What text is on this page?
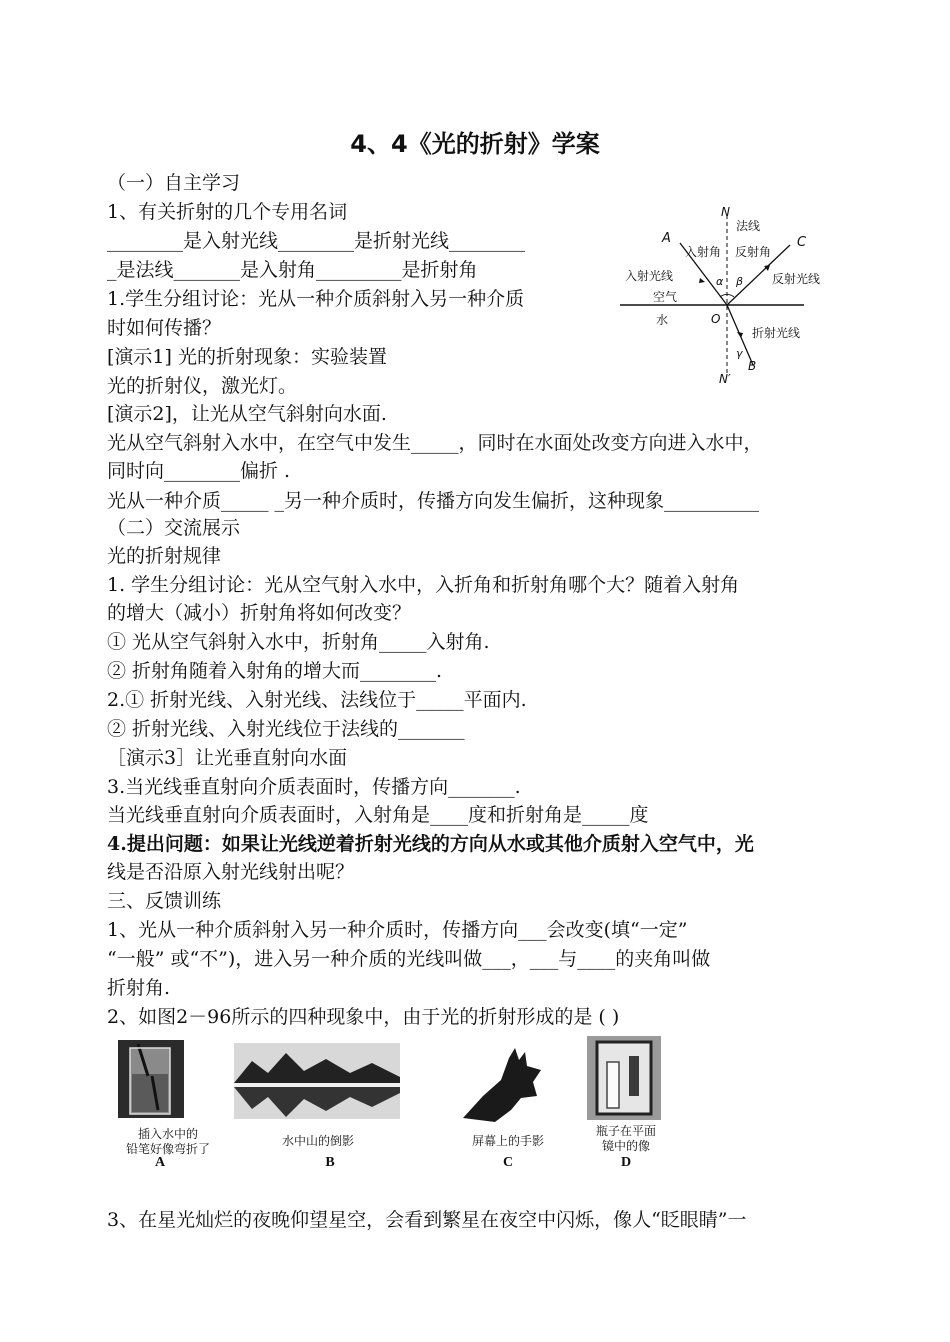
4、4《光的折射》学案
（一）自主学习
1、有关折射的几个专用名词
________是入射光线________是折射光线________
_是法线_______是入射角_________是折射角
1.学生分组讨论：光从一种介质斜射入另一种介质
时如何传播？
[演示1] 光的折射现象：实验装置
光的折射仪，激光灯。
[演示2]，让光从空气斜射向水面.
光从空气斜射入水中，在空气中发生_____，同时在水面处改变方向进入水中，
同时向________偏折 .
光从一种介质_____ _另一种介质时，传播方向发生偏折，这种现象__________
（二）交流展示
光的折射规律
1. 学生分组讨论：光从空气射入水中，入折角和折射角哪个大？随着入射角
的增大（减小）折射角将如何改变？
① 光从空气斜射入水中，折射角_____入射角.
② 折射角随着入射角的增大而________.
2.① 折射光线、入射光线、法线位于_____平面内.
② 折射光线、入射光线位于法线的_______
［演示3］让光垂直射向水面
3.当光线垂直射向介质表面时，传播方向_______.
当光线垂直射向介质表面时，入射角是____度和折射角是_____度
4.提出问题：如果让光线逆着折射光线的方向从水或其他介质射入空气中，光
线是否沿原入射光线射出呢？
三、反馈训练
1、光从一种介质斜射入另一种介质时，传播方向___会改变(填“一定”
“一般” 或“不”)，进入另一种介质的光线叫做___，___与____的夹角叫做
折射角.
2、如图2－96所示的四种现象中，由于光的折射形成的是 ( )
3、在星光灿烂的夜晚仰望星空，会看到繁星在夜空中闪烁，像人“眨眼睛”一
N
法线
A
入射角 反射角
C
入射光线	α β 反射光线
空气
水	O
折射光线
γ
B
N′
插入水中的
铅笔好像弯折了
A
水中山的倒影
B
屏幕上的手影
C
瓶子在平面
镜中的像
D
